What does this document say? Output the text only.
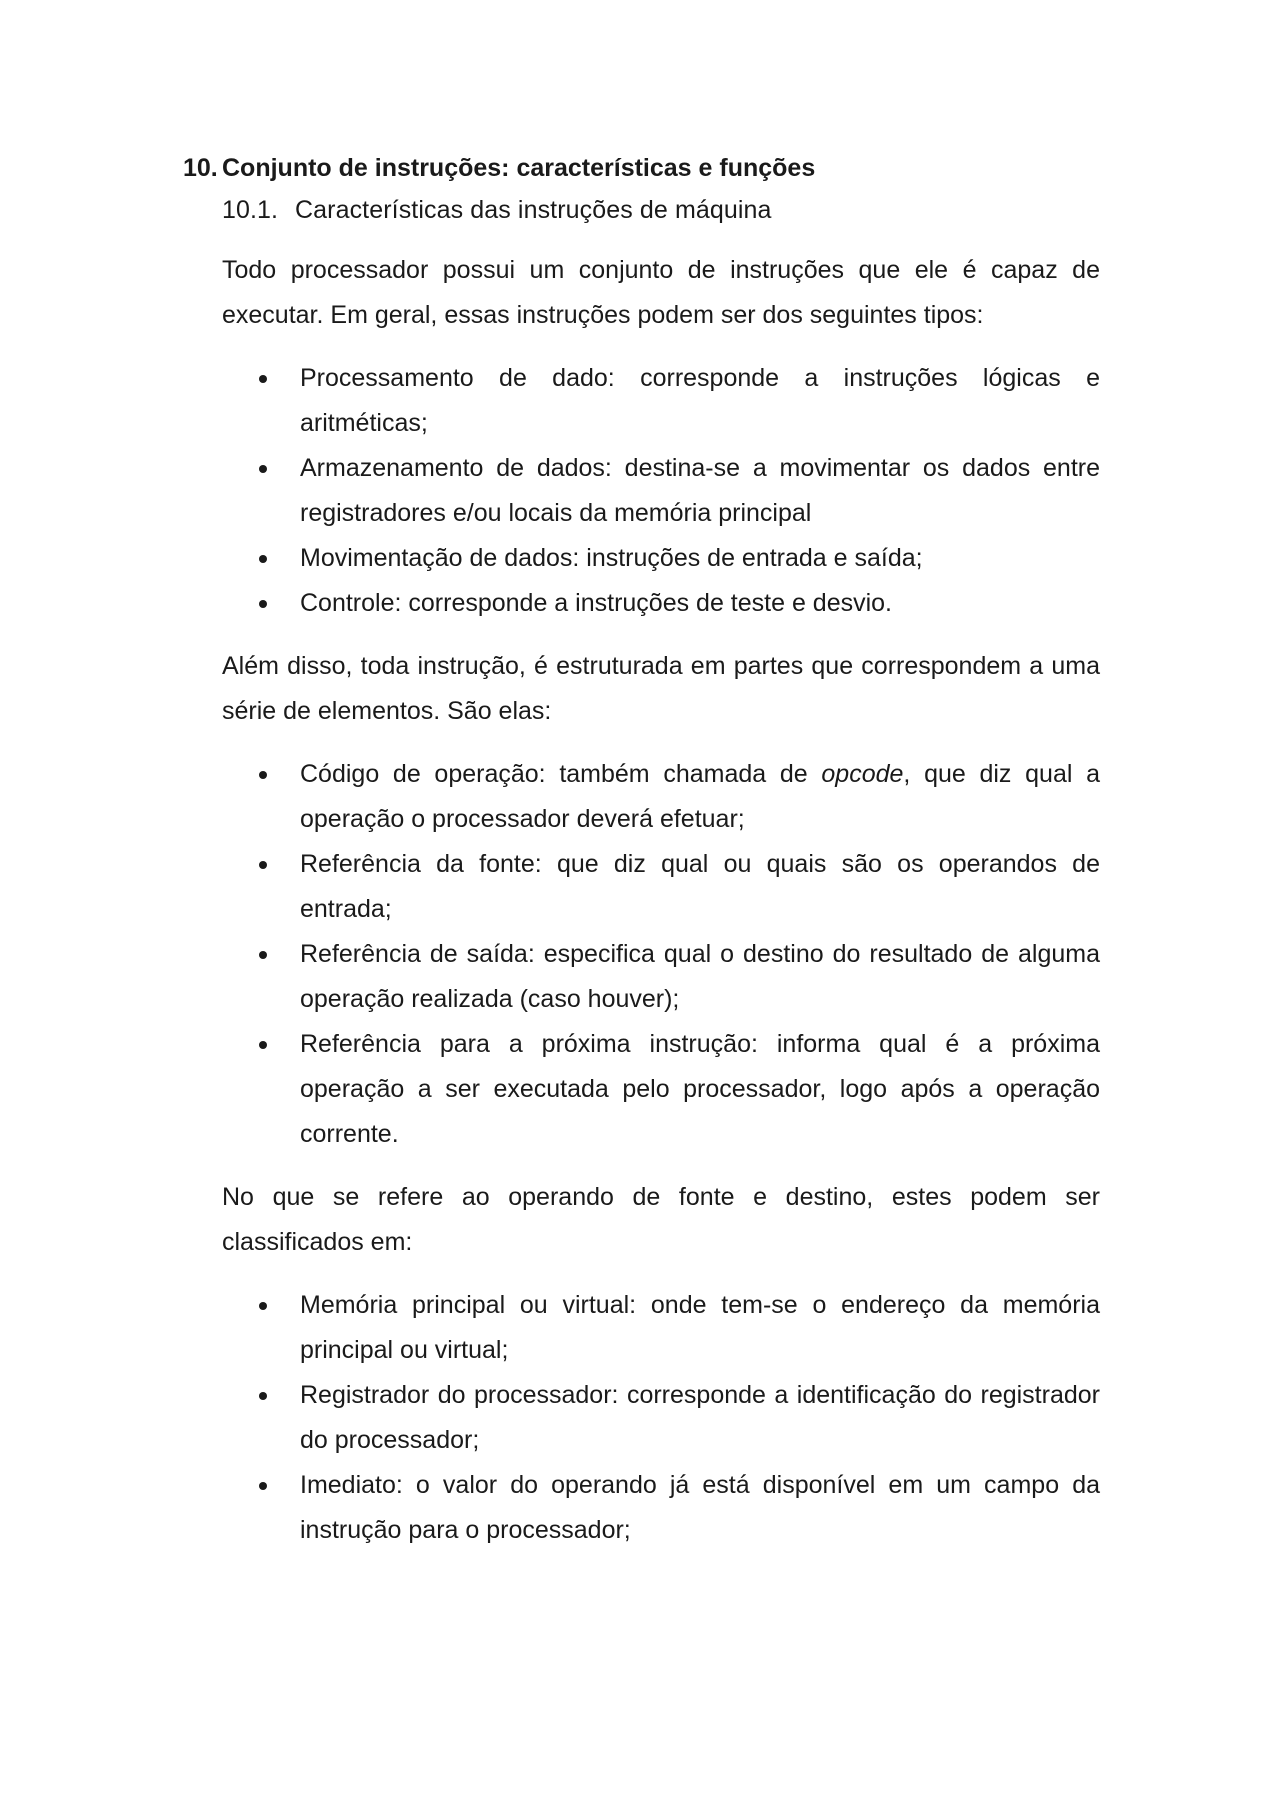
10. Conjunto de instruções: características e funções
10.1. Características das instruções de máquina

Todo processador possui um conjunto de instruções que ele é capaz de executar. Em geral, essas instruções podem ser dos seguintes tipos:

Processamento de dado: corresponde a instruções lógicas e aritméticas;
Armazenamento de dados: destina-se a movimentar os dados entre registradores e/ou locais da memória principal
Movimentação de dados: instruções de entrada e saída;
Controle: corresponde a instruções de teste e desvio.

Além disso, toda instrução, é estruturada em partes que correspondem a uma série de elementos. São elas:

Código de operação: também chamada de opcode, que diz qual a operação o processador deverá efetuar;
Referência da fonte: que diz qual ou quais são os operandos de entrada;
Referência de saída: especifica qual o destino do resultado de alguma operação realizada (caso houver);
Referência para a próxima instrução: informa qual é a próxima operação a ser executada pelo processador, logo após a operação corrente.

No que se refere ao operando de fonte e destino, estes podem ser classificados em:

Memória principal ou virtual: onde tem-se o endereço da memória principal ou virtual;
Registrador do processador: corresponde a identificação do registrador do processador;
Imediato: o valor do operando já está disponível em um campo da instrução para o processador;
